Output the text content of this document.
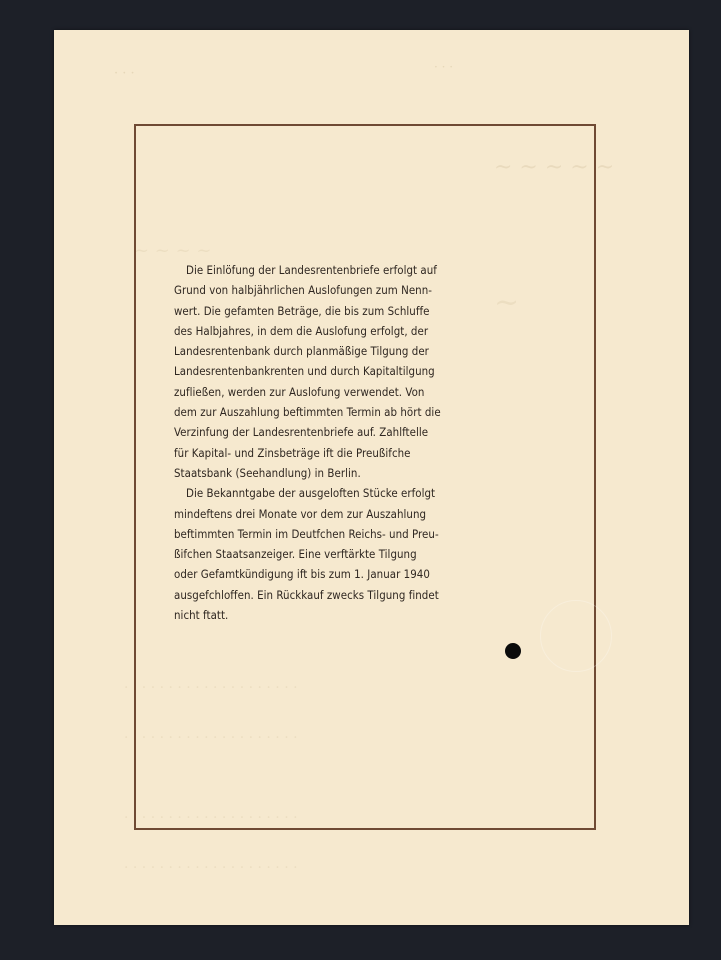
· · ·	· · ·
~ ~ ~ ~ ~
~ ~ ~ ~
~
· · · · · · · · · · · · · · · · · · · ·
· · · · · · · · · · · · · · · · · · · ·
· · · · · · · · · · · · · · · · · · · ·
· · · · · · · · · · · · · · · · · · · ·
Die Einlöfung der Landesrentenbriefe erfolgt auf
Grund von halbjährlichen Auslofungen zum Nenn-
wert. Die gefamten Beträge, die bis zum Schluffe
des Halbjahres, in dem die Auslofung erfolgt, der
Landesrentenbank durch planmäßige Tilgung der
Landesrentenbankrenten und durch Kapitaltilgung
zufließen, werden zur Auslofung verwendet. Von
dem zur Auszahlung beftimmten Termin ab hört die
Verzinfung der Landesrentenbriefe auf. Zahlftelle
für Kapital- und Zinsbeträge ift die Preußifche
Staatsbank (Seehandlung) in Berlin.
Die Bekanntgabe der ausgeloften Stücke erfolgt
mindeftens drei Monate vor dem zur Auszahlung
beftimmten Termin im Deutfchen Reichs- und Preu-
ßifchen Staatsanzeiger. Eine verftärkte Tilgung
oder Gefamtkündigung ift bis zum 1. Januar 1940
ausgefchloffen. Ein Rückkauf zwecks Tilgung findet
nicht ftatt.
